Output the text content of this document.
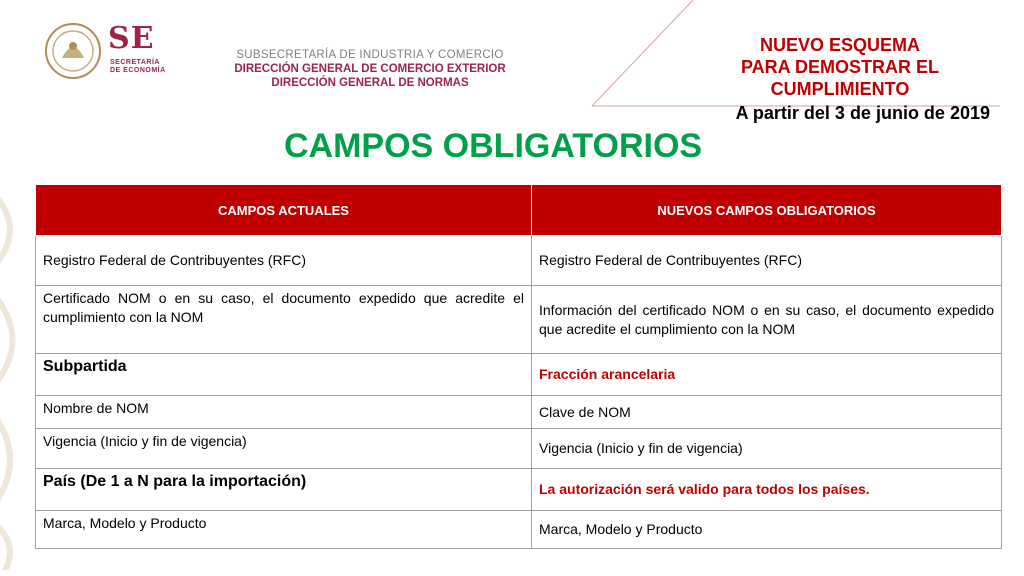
SE
SECRETARÍA
DE ECONOMÍA
SUBSECRETARÍA DE INDUSTRIA Y COMERCIO
DIRECCIÓN GENERAL DE COMERCIO EXTERIOR
DIRECCIÓN GENERAL DE NORMAS
NUEVO ESQUEMA
PARA DEMOSTRAR EL
CUMPLIMIENTO
A partir del 3 de junio de 2019
CAMPOS OBLIGATORIOS
CAMPOS ACTUALES	NUEVOS CAMPOS OBLIGATORIOS
Registro Federal de Contribuyentes (RFC)	Registro Federal de Contribuyentes (RFC)
Certificado NOM o en su caso, el documento expedido que acredite el cumplimiento con la NOM	Información del certificado NOM o en su caso, el documento expedido que acredite el cumplimiento con la NOM
Subpartida	Fracción arancelaria
Nombre de NOM	Clave de NOM
Vigencia (Inicio y fin de vigencia)	Vigencia (Inicio y fin de vigencia)
País (De 1 a N para la importación)	La autorización será valido para todos los países.
Marca, Modelo y Producto	Marca, Modelo y Producto
